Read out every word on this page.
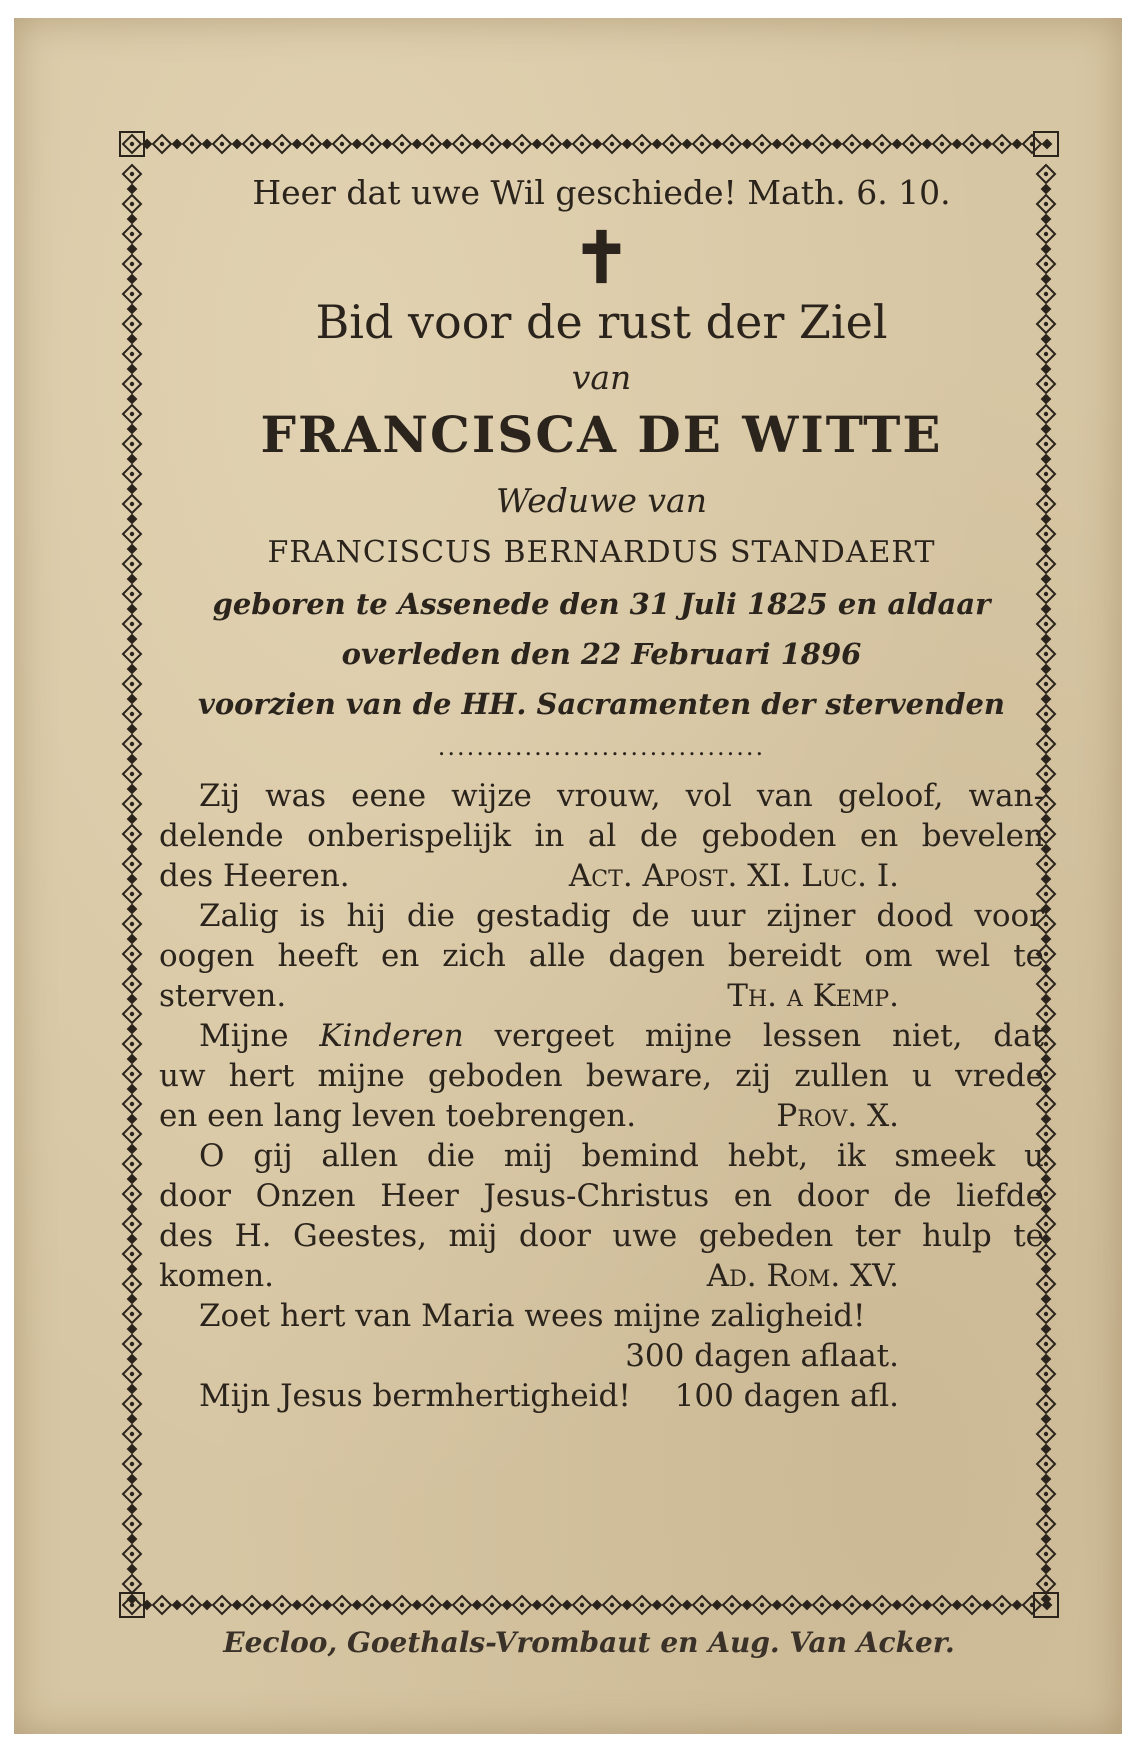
Heer dat uwe Wil geschiede! Math. 6. 10.
✝
Bid voor de rust der Ziel
van
FRANCISCA DE WITTE
Weduwe van
FRANCISCUS BERNARDUS STANDAERT
geboren te Assenede den 31 Juli 1825 en aldaar
overleden den 22 Februari 1896
voorzien van de HH. Sacramenten der stervenden
..................................
Zij was eene wijze vrouw, vol van geloof, wan-
delende onberispelijk in al de geboden en bevelen
des Heeren.	Act. Apost. XI. Luc. I.
Zalig is hij die gestadig de uur zijner dood voor
oogen heeft en zich alle dagen bereidt om wel te
sterven.	Th. a Kemp.
Mijne Kinderen vergeet mijne lessen niet, dat
uw hert mijne geboden beware, zij zullen u vrede
en een lang leven toebrengen.	Prov. X.
O gij allen die mij bemind hebt, ik smeek u
door Onzen Heer Jesus-Christus en door de liefde
des H. Geestes, mij door uwe gebeden ter hulp te
komen.	Ad. Rom. XV.
Zoet hert van Maria wees mijne zaligheid!
300 dagen aflaat.
Mijn Jesus bermhertigheid!	100 dagen afl.
Eecloo, Goethals-Vrombaut en Aug. Van Acker.
